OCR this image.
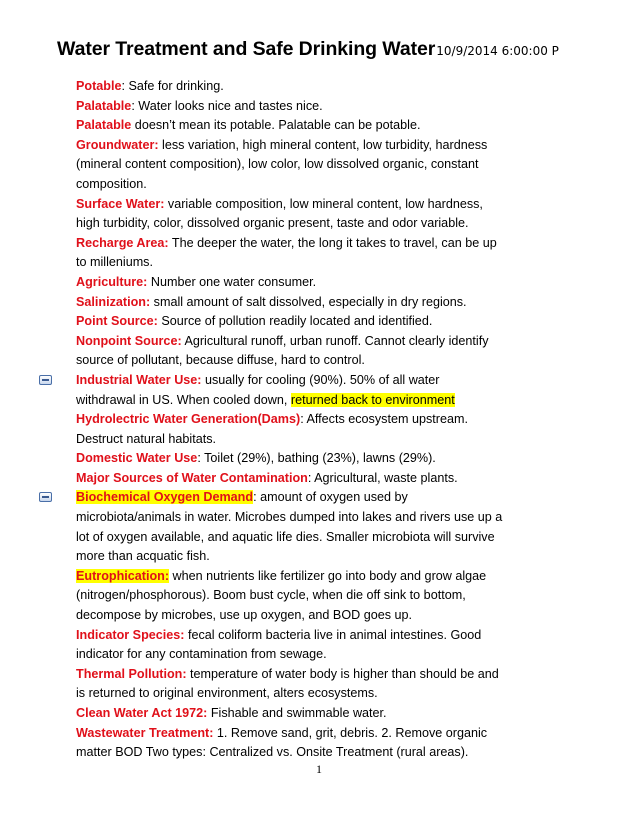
Water Treatment and Safe Drinking Water10/9/2014 6:00:00 P
Potable: Safe for drinking.
Palatable: Water looks nice and tastes nice.
Palatable doesn’t mean its potable. Palatable can be potable.
Groundwater: less variation, high mineral content, low turbidity, hardness
(mineral content composition), low color, low dissolved organic, constant
composition.
Surface Water: variable composition, low mineral content, low hardness,
high turbidity, color, dissolved organic present, taste and odor variable.
Recharge Area: The deeper the water, the long it takes to travel, can be up
to milleniums.
Agriculture: Number one water consumer.
Salinization: small amount of salt dissolved, especially in dry regions.
Point Source: Source of pollution readily located and identified.
Nonpoint Source: Agricultural runoff, urban runoff. Cannot clearly identify
source of pollutant, because diffuse, hard to control.
Industrial Water Use: usually for cooling (90%). 50% of all water
withdrawal in US. When cooled down, returned back to environment
Hydrolectric Water Generation(Dams): Affects ecosystem upstream.
Destruct natural habitats.
Domestic Water Use: Toilet (29%), bathing (23%), lawns (29%).
Major Sources of Water Contamination: Agricultural, waste plants.
Biochemical Oxygen Demand: amount of oxygen used by
microbiota/animals in water. Microbes dumped into lakes and rivers use up a
lot of oxygen available, and aquatic life dies. Smaller microbiota will survive
more than acquatic fish.
Eutrophication: when nutrients like fertilizer go into body and grow algae
(nitrogen/phosphorous). Boom bust cycle, when die off sink to bottom,
decompose by microbes, use up oxygen, and BOD goes up.
Indicator Species: fecal coliform bacteria live in animal intestines. Good
indicator for any contamination from sewage.
Thermal Pollution: temperature of water body is higher than should be and
is returned to original environment, alters ecosystems.
Clean Water Act 1972: Fishable and swimmable water.
Wastewater Treatment: 1. Remove sand, grit, debris. 2. Remove organic
matter BOD Two types: Centralized vs. Onsite Treatment (rural areas).
1
